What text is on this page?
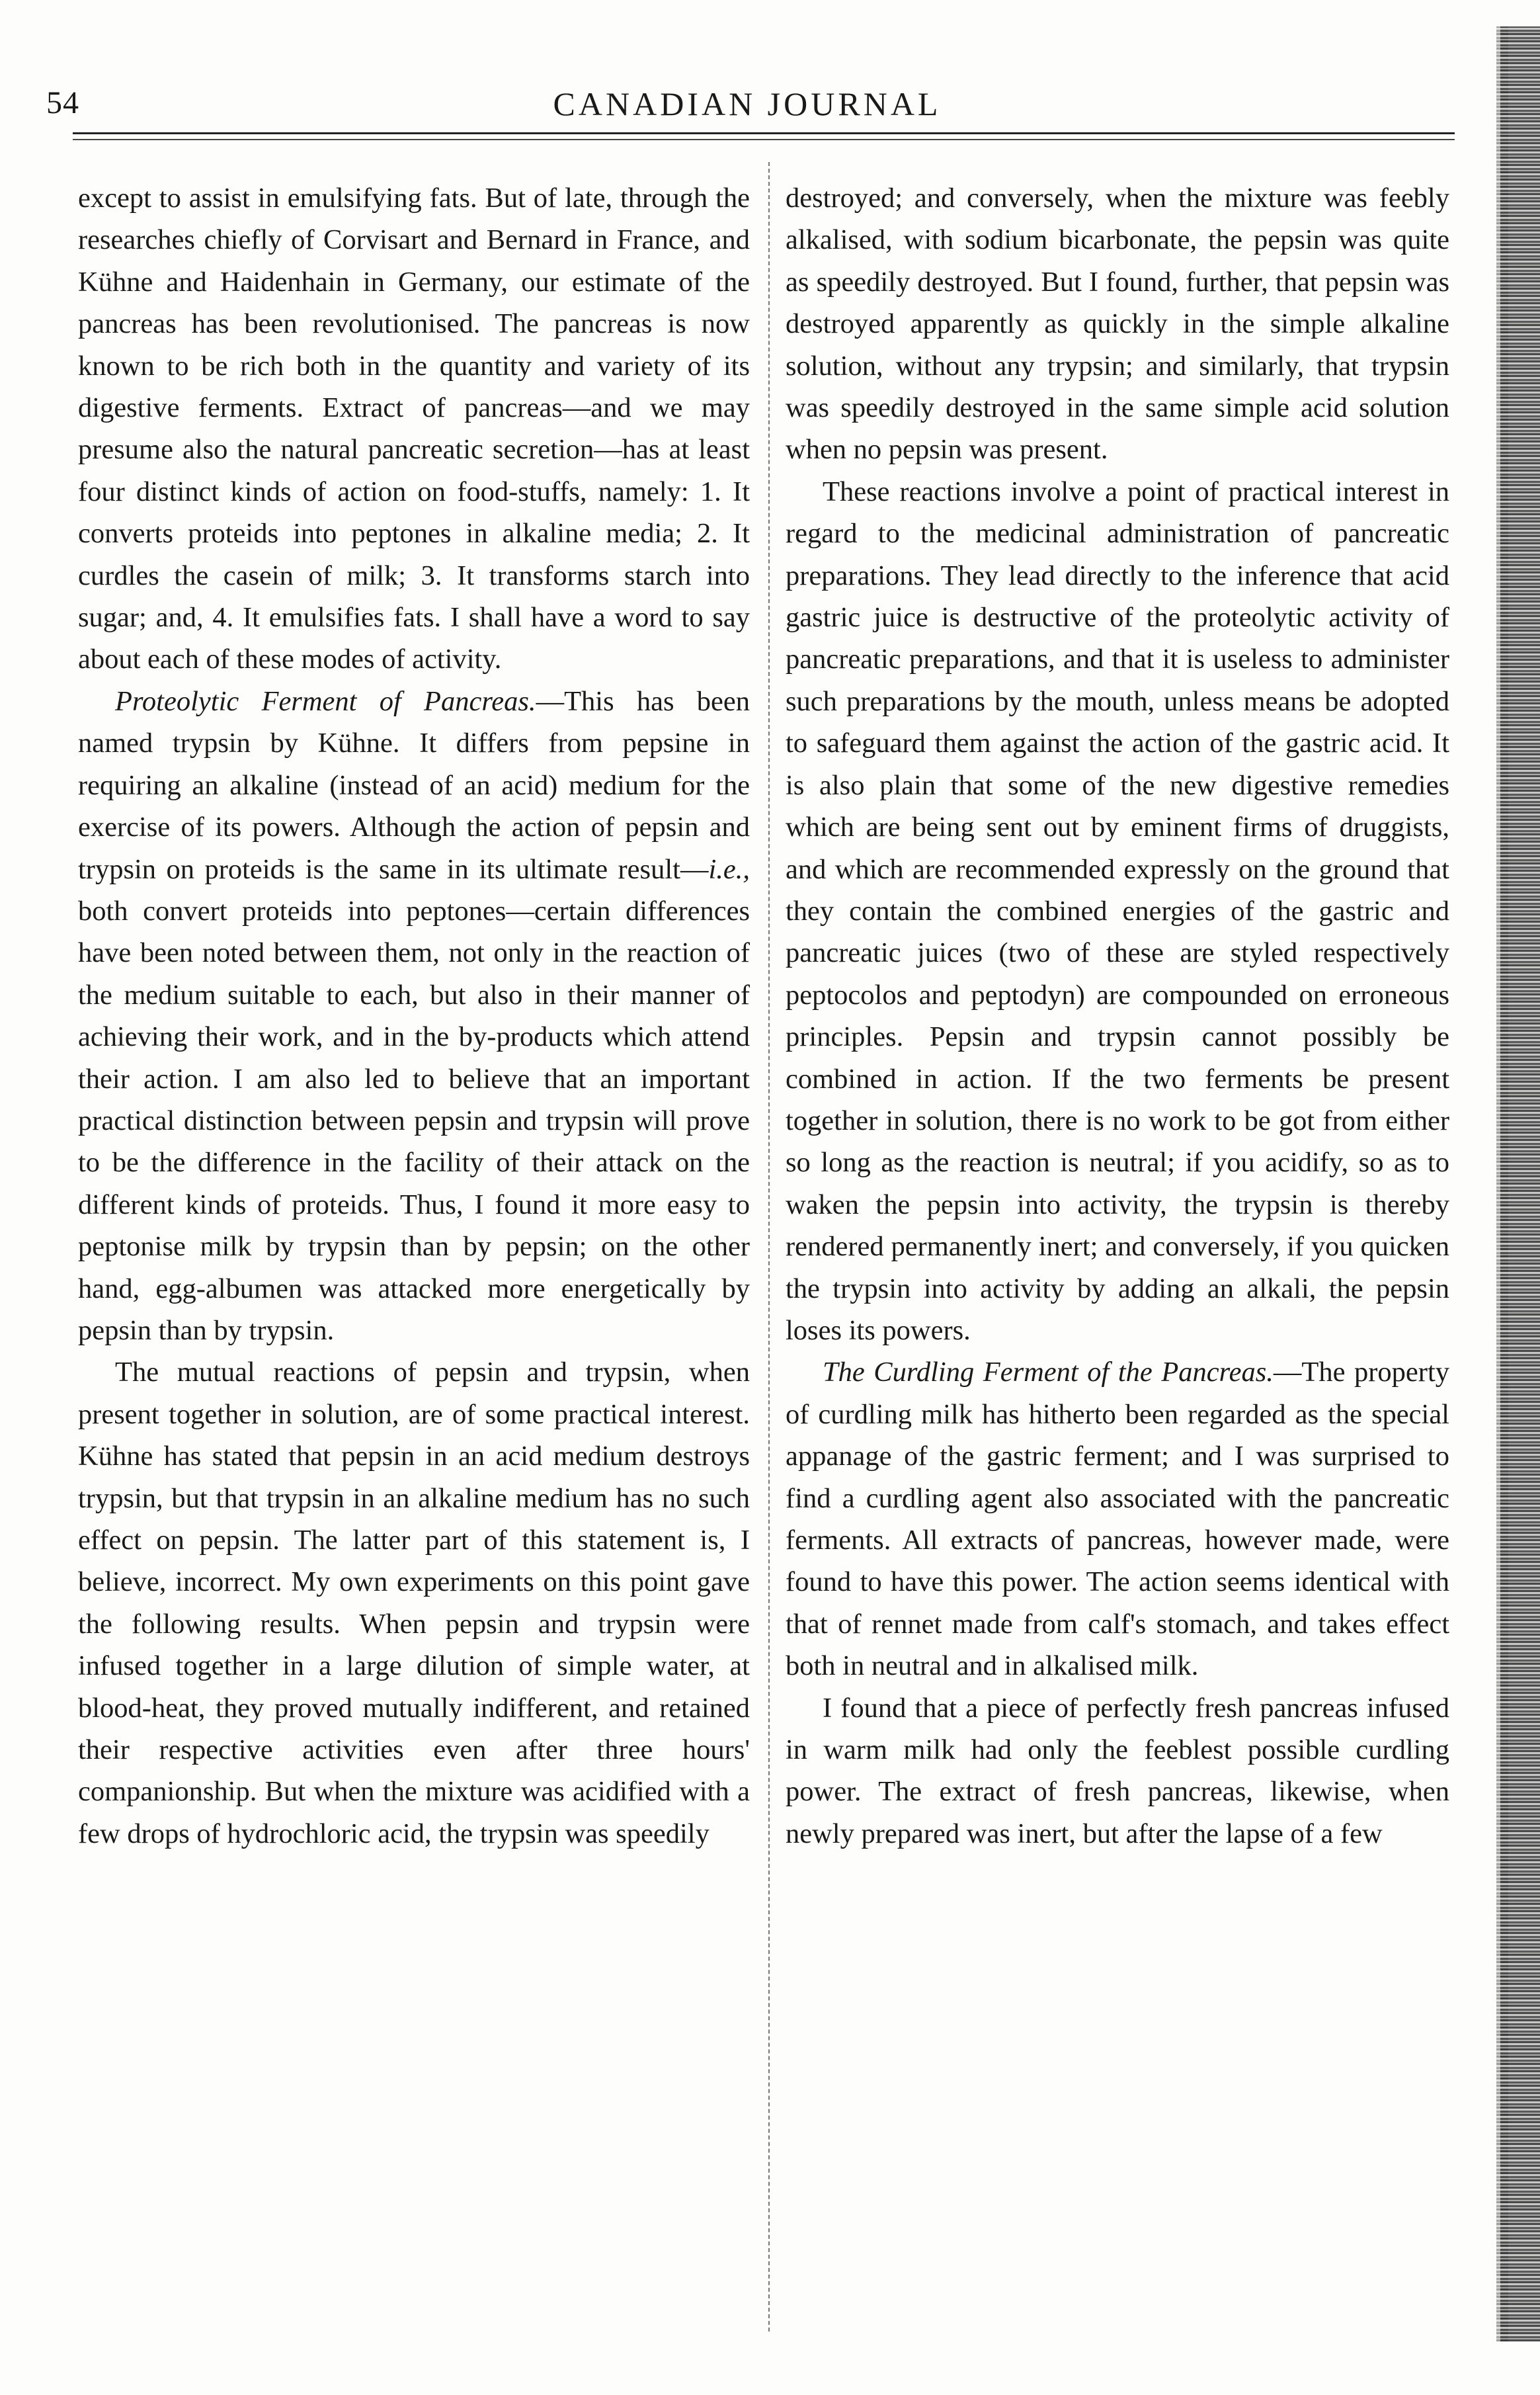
54	CANADIAN JOURNAL

except to assist in emulsifying fats. But of late, through the researches chiefly of Corvisart and Bernard in France, and Kühne and Haidenhain in Germany, our estimate of the pancreas has been revolutionised. The pancreas is now known to be rich both in the quantity and variety of its digestive ferments. Extract of pancreas—and we may presume also the natural pancreatic secretion—has at least four distinct kinds of action on food-stuffs, namely: 1. It converts proteids into peptones in alkaline media; 2. It curdles the casein of milk; 3. It transforms starch into sugar; and, 4. It emulsifies fats. I shall have a word to say about each of these modes of activity.

Proteolytic Ferment of Pancreas.—This has been named trypsin by Kühne. It differs from pepsine in requiring an alkaline (instead of an acid) medium for the exercise of its powers. Although the action of pepsin and trypsin on proteids is the same in its ultimate result—i.e., both convert proteids into peptones—certain differences have been noted between them, not only in the reaction of the medium suitable to each, but also in their manner of achieving their work, and in the by-products which attend their action. I am also led to believe that an important practical distinction between pepsin and trypsin will prove to be the difference in the facility of their attack on the different kinds of proteids. Thus, I found it more easy to peptonise milk by trypsin than by pepsin; on the other hand, egg-albumen was attacked more energetically by pepsin than by trypsin.

The mutual reactions of pepsin and trypsin, when present together in solution, are of some practical interest. Kühne has stated that pepsin in an acid medium destroys trypsin, but that trypsin in an alkaline medium has no such effect on pepsin. The latter part of this statement is, I believe, incorrect. My own experiments on this point gave the following results. When pepsin and trypsin were infused together in a large dilution of simple water, at blood-heat, they proved mutually indifferent, and retained their respective activities even after three hours' companionship. But when the mixture was acidified with a few drops of hydrochloric acid, the trypsin was speedily

destroyed; and conversely, when the mixture was feebly alkalised, with sodium bicarbonate, the pepsin was quite as speedily destroyed. But I found, further, that pepsin was destroyed apparently as quickly in the simple alkaline solution, without any trypsin; and similarly, that trypsin was speedily destroyed in the same simple acid solution when no pepsin was present.

These reactions involve a point of practical interest in regard to the medicinal administration of pancreatic preparations. They lead directly to the inference that acid gastric juice is destructive of the proteolytic activity of pancreatic preparations, and that it is useless to administer such preparations by the mouth, unless means be adopted to safeguard them against the action of the gastric acid. It is also plain that some of the new digestive remedies which are being sent out by eminent firms of druggists, and which are recommended expressly on the ground that they contain the combined energies of the gastric and pancreatic juices (two of these are styled respectively peptocolos and peptodyn) are compounded on erroneous principles. Pepsin and trypsin cannot possibly be combined in action. If the two ferments be present together in solution, there is no work to be got from either so long as the reaction is neutral; if you acidify, so as to waken the pepsin into activity, the trypsin is thereby rendered permanently inert; and conversely, if you quicken the trypsin into activity by adding an alkali, the pepsin loses its powers.

The Curdling Ferment of the Pancreas.—The property of curdling milk has hitherto been regarded as the special appanage of the gastric ferment; and I was surprised to find a curdling agent also associated with the pancreatic ferments. All extracts of pancreas, however made, were found to have this power. The action seems identical with that of rennet made from calf's stomach, and takes effect both in neutral and in alkalised milk.

I found that a piece of perfectly fresh pancreas infused in warm milk had only the feeblest possible curdling power. The extract of fresh pancreas, likewise, when newly prepared was inert, but after the lapse of a few
